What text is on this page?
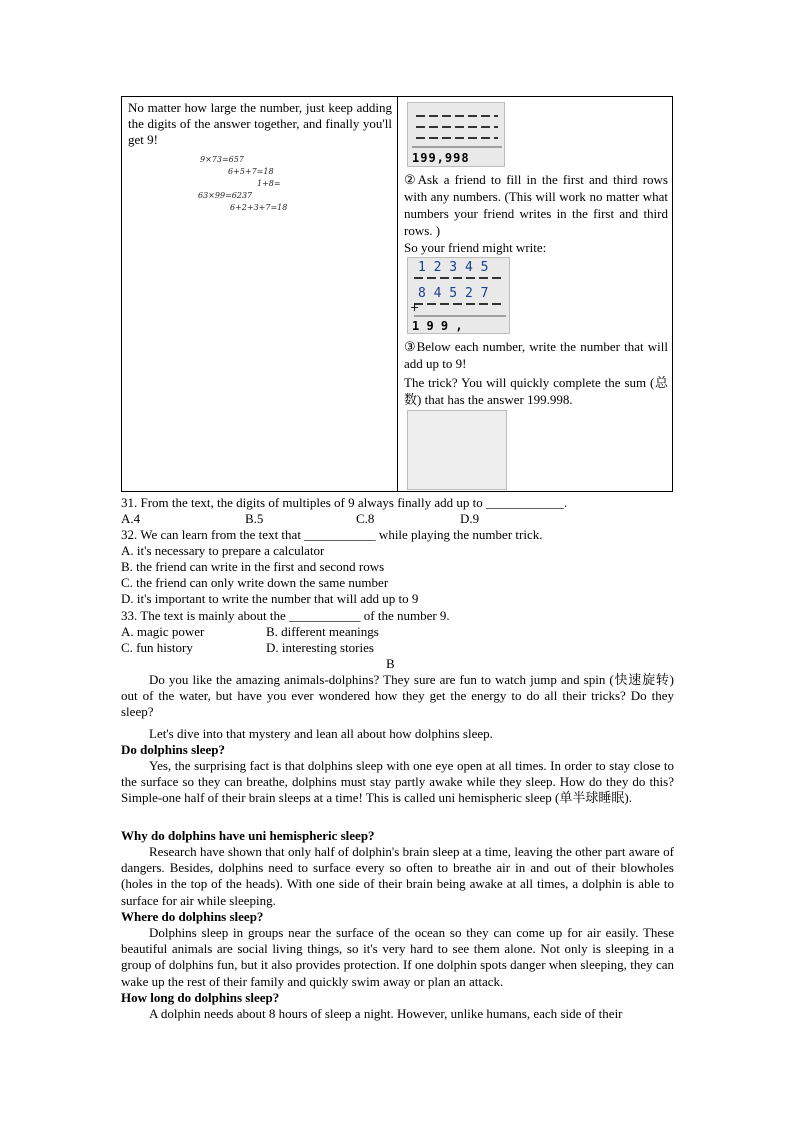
No matter how large the number, just keep adding the digits of the answer together, and finally you'll get 9!
9×73=657
6+5+7=18
1+8=
63×99=6237
6+2+3+7=18
199,998
②Ask a friend to fill in the first and third rows with any numbers. (This will work no matter what numbers your friend writes in the first and third rows. )
So your friend might write:
1 2 3 4 5
8 4 5 2 7
+
1 9 9 ,
③Below each number, write the number that will add up to 9!
The trick? You will quickly complete the sum (总数) that has the answer 199.998.
31. From the text, the digits of multiples of 9 always finally add up to ____________.
A.4	B.5	C.8	D.9
32. We can learn from the text that ___________ while playing the number trick.
A. it's necessary to prepare a calculator
B. the friend can write in the first and second rows
C. the friend can only write down the same number
D. it's important to write the number that will add up to 9
33. The text is mainly about the ___________ of the number 9.
A. magic power	B. different meanings
C. fun history	D. interesting stories
B
Do you like the amazing animals-dolphins? They sure are fun to watch jump and spin (快速旋转) out of the water, but have you ever wondered how they get the energy to do all their tricks? Do they sleep?
Let's dive into that mystery and lean all about how dolphins sleep.
Do dolphins sleep?
Yes, the surprising fact is that dolphins sleep with one eye open at all times. In order to stay close to the surface so they can breathe, dolphins must stay partly awake while they sleep. How do they do this? Simple-one half of their brain sleeps at a time! This is called uni hemispheric sleep (单半球睡眠).
Why do dolphins have uni hemispheric sleep?
Research have shown that only half of dolphin's brain sleep at a time, leaving the other part aware of dangers. Besides, dolphins need to surface every so often to breathe air in and out of their blowholes (holes in the top of the heads). With one side of their brain being awake at all times, a dolphin is able to surface for air while sleeping.
Where do dolphins sleep?
Dolphins sleep in groups near the surface of the ocean so they can come up for air easily. These beautiful animals are social living things, so it's very hard to see them alone. Not only is sleeping in a group of dolphins fun, but it also provides protection. If one dolphin spots danger when sleeping, they can wake up the rest of their family and quickly swim away or plan an attack.
How long do dolphins sleep?
A dolphin needs about 8 hours of sleep a night. However, unlike humans, each side of their
